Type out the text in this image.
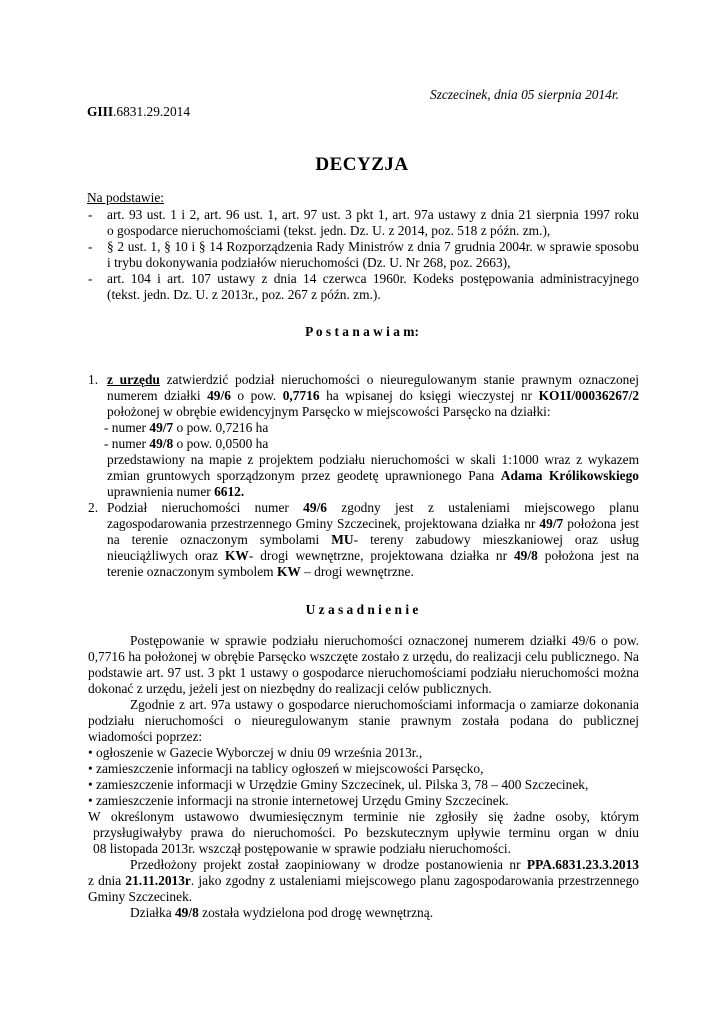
Szczecinek, dnia 05 sierpnia 2014r.
GIII.6831.29.2014
DECYZJA
Na podstawie:
- art. 93 ust. 1 i 2, art. 96 ust. 1, art. 97 ust. 3 pkt 1, art. 97a ustawy z dnia 21 sierpnia 1997 roku
o gospodarce nieruchomościami (tekst. jedn. Dz. U. z 2014, poz. 518 z późn. zm.),
- § 2 ust. 1, § 10 i § 14 Rozporządzenia Rady Ministrów z dnia 7 grudnia 2004r. w sprawie sposobu
i trybu dokonywania podziałów nieruchomości (Dz. U. Nr 268, poz. 2663),
- art. 104 i art. 107 ustawy z dnia 14 czerwca 1960r. Kodeks postępowania administracyjnego
(tekst. jedn. Dz. U. z 2013r., poz. 267 z późn. zm.).
P o s t a n a w i a m:
1. z urzędu zatwierdzić podział nieruchomości o nieuregulowanym stanie prawnym oznaczonej
numerem działki 49/6 o pow. 0,7716 ha wpisanej do księgi wieczystej nr KO1I/00036267/2
położonej w obrębie ewidencyjnym Parsęcko w miejscowości Parsęcko na działki:
- numer 49/7 o pow. 0,7216 ha
- numer 49/8 o pow. 0,0500 ha
przedstawiony na mapie z projektem podziału nieruchomości w skali 1:1000 wraz z wykazem
zmian gruntowych sporządzonym przez geodetę uprawnionego Pana Adama Królikowskiego
uprawnienia numer 6612.
2. Podział nieruchomości numer 49/6 zgodny jest z ustaleniami miejscowego planu
zagospodarowania przestrzennego Gminy Szczecinek, projektowana działka nr 49/7 położona jest
na terenie oznaczonym symbolami MU- tereny zabudowy mieszkaniowej oraz usług
nieuciążliwych oraz KW- drogi wewnętrzne, projektowana działka nr 49/8 położona jest na
terenie oznaczonym symbolem KW – drogi wewnętrzne.
U z a s a d n i e n i e
Postępowanie w sprawie podziału nieruchomości oznaczonej numerem działki 49/6 o pow.
0,7716 ha położonej w obrębie Parsęcko wszczęte zostało z urzędu, do realizacji celu publicznego. Na
podstawie art. 97 ust. 3 pkt 1 ustawy o gospodarce nieruchomościami podziału nieruchomości można
dokonać z urzędu, jeżeli jest on niezbędny do realizacji celów publicznych.
Zgodnie z art. 97a ustawy o gospodarce nieruchomościami informacja o zamiarze dokonania
podziału nieruchomości o nieuregulowanym stanie prawnym została podana do publicznej
wiadomości poprzez:
• ogłoszenie w Gazecie Wyborczej w dniu 09 września 2013r.,
• zamieszczenie informacji na tablicy ogłoszeń w miejscowości Parsęcko,
• zamieszczenie informacji w Urzędzie Gminy Szczecinek, ul. Pilska 3, 78 – 400 Szczecinek,
• zamieszczenie informacji na stronie internetowej Urzędu Gminy Szczecinek.
W określonym ustawowo dwumiesięcznym terminie nie zgłosiły się żadne osoby, którym
przysługiwałyby prawa do nieruchomości. Po bezskutecznym upływie terminu organ w dniu
08 listopada 2013r. wszczął postępowanie w sprawie podziału nieruchomości.
Przedłożony projekt został zaopiniowany w drodze postanowienia nr PPA.6831.23.3.2013
z dnia 21.11.2013r. jako zgodny z ustaleniami miejscowego planu zagospodarowania przestrzennego
Gminy Szczecinek.
Działka 49/8 została wydzielona pod drogę wewnętrzną.
